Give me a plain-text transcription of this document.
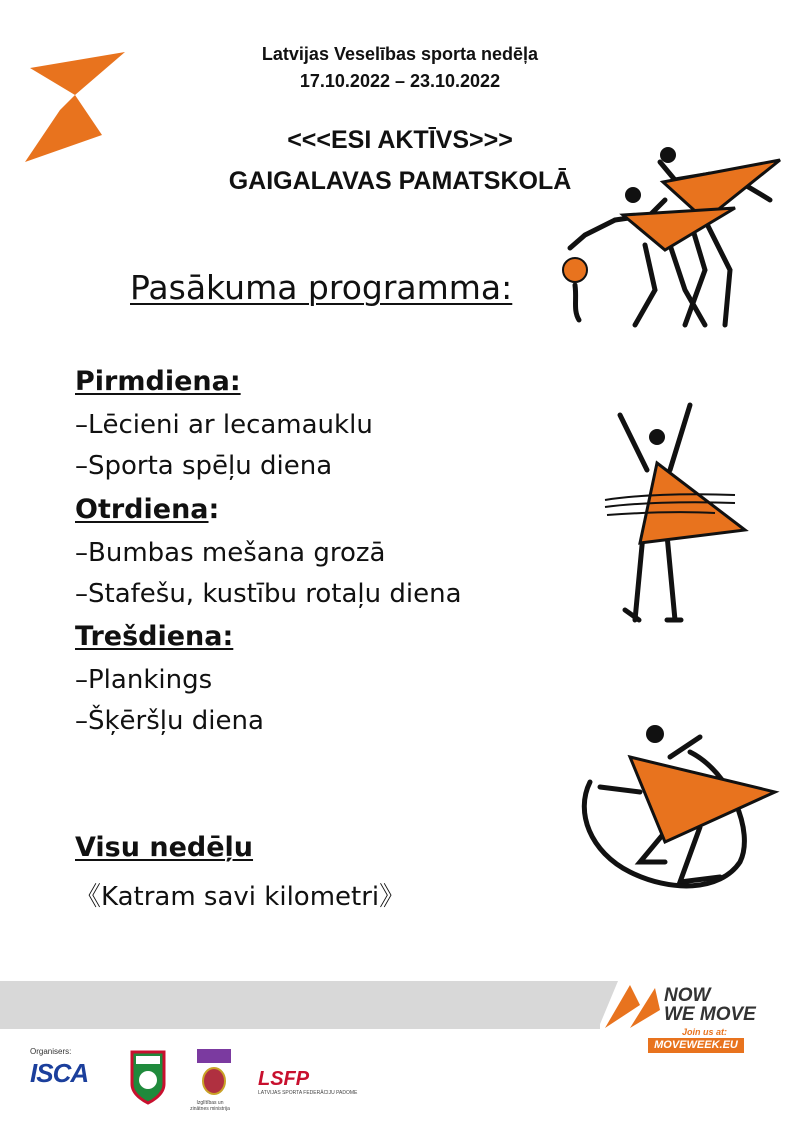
Latvijas Veselības sporta nedēļa
17.10.2022 – 23.10.2022
<<<ESI AKTĪVS>>>
GAIGALAVAS PAMATSKOLĀ
Pasākuma programma:
Pirmdiena:
–Lēcieni ar lecamauklu
–Sporta spēļu diena
Otrdiena:
–Bumbas mešana grozā
–Stafešu, kustību rotaļu diena
Trešdiena:
–Plankings
–Šķēršļu diena
Visu nedēļu
《Katram savi kilometri》
NOW
WE MOVE
Join us at:
MOVEWEEK.EU
Organisers:
ISCA
Izglītības un zinātnes ministrija
LSFP
LATVIJAS SPORTA FEDERĀCIJU PADOME
